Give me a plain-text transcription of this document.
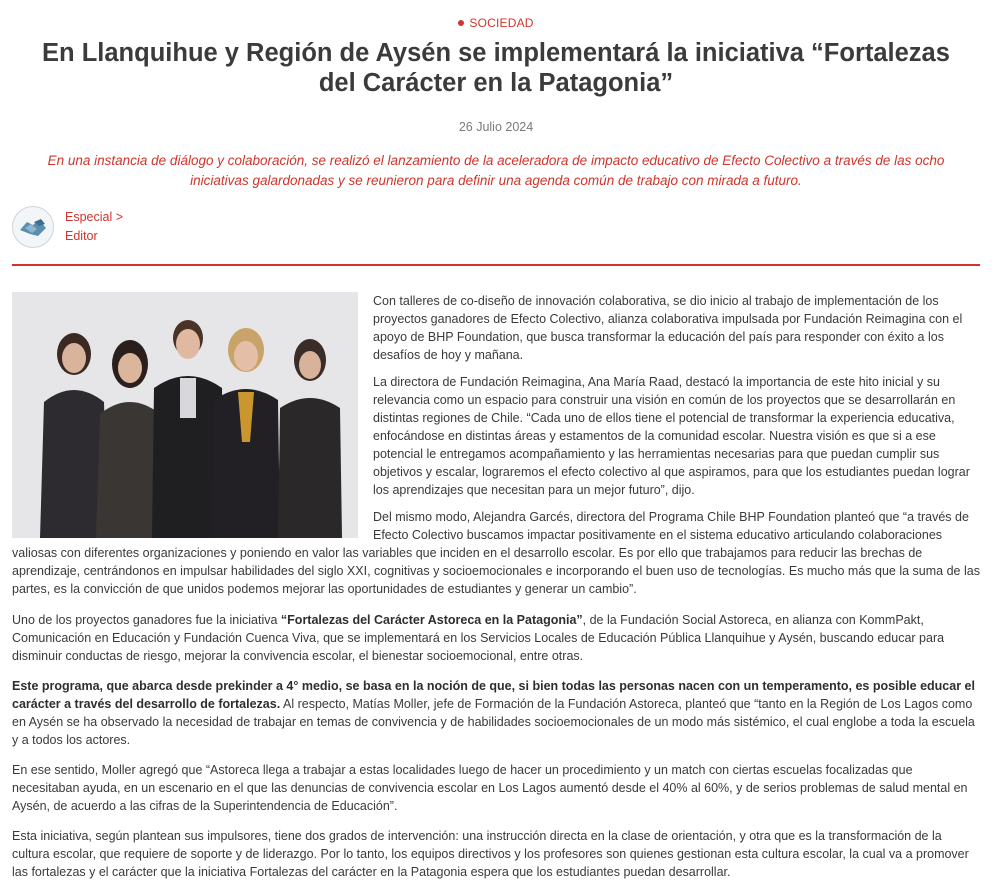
SOCIEDAD
En Llanquihue y Región de Aysén se implementará la iniciativa “Fortalezas del Carácter en la Patagonia”
26 Julio 2024
En una instancia de diálogo y colaboración, se realizó el lanzamiento de la aceleradora de impacto educativo de Efecto Colectivo a través de las ocho iniciativas galardonadas y se reunieron para definir una agenda común de trabajo con mirada a futuro.
Especial >
Editor

Con talleres de co-diseño de innovación colaborativa, se dio inicio al trabajo de implementación de los proyectos ganadores de Efecto Colectivo, alianza colaborativa impulsada por Fundación Reimagina con el apoyo de BHP Foundation, que busca transformar la educación del país para responder con éxito a los desafíos de hoy y mañana.

La directora de Fundación Reimagina, Ana María Raad, destacó la importancia de este hito inicial y su relevancia como un espacio para construir una visión en común de los proyectos que se desarrollarán en distintas regiones de Chile. “Cada uno de ellos tiene el potencial de transformar la experiencia educativa, enfocándose en distintas áreas y estamentos de la comunidad escolar. Nuestra visión es que si a ese potencial le entregamos acompañamiento y las herramientas necesarias para que puedan cumplir sus objetivos y escalar, lograremos el efecto colectivo al que aspiramos, para que los estudiantes puedan lograr los aprendizajes que necesitan para un mejor futuro”, dijo.

Del mismo modo, Alejandra Garcés, directora del Programa Chile BHP Foundation planteó que “a través de Efecto Colectivo buscamos impactar positivamente en el sistema educativo articulando colaboraciones valiosas con diferentes organizaciones y poniendo en valor las variables que inciden en el desarrollo escolar. Es por ello que trabajamos para reducir las brechas de aprendizaje, centrándonos en impulsar habilidades del siglo XXI, cognitivas y socioemocionales e incorporando el buen uso de tecnologías. Es mucho más que la suma de las partes, es la convicción de que unidos podemos mejorar las oportunidades de estudiantes y generar un cambio”.

Uno de los proyectos ganadores fue la iniciativa “Fortalezas del Carácter Astoreca en la Patagonia”, de la Fundación Social Astoreca, en alianza con KommPakt, Comunicación en Educación y Fundación Cuenca Viva, que se implementará en los Servicios Locales de Educación Pública Llanquihue y Aysén, buscando educar para disminuir conductas de riesgo, mejorar la convivencia escolar, el bienestar socioemocional, entre otras.

Este programa, que abarca desde prekinder a 4° medio, se basa en la noción de que, si bien todas las personas nacen con un temperamento, es posible educar el carácter a través del desarrollo de fortalezas. Al respecto, Matías Moller, jefe de Formación de la Fundación Astoreca, planteó que “tanto en la Región de Los Lagos como en Aysén se ha observado la necesidad de trabajar en temas de convivencia y de habilidades socioemocionales de un modo más sistémico, el cual englobe a toda la escuela y a todos los actores.

En ese sentido, Moller agregó que “Astoreca llega a trabajar a estas localidades luego de hacer un procedimiento y un match con ciertas escuelas focalizadas que necesitaban ayuda, en un escenario en el que las denuncias de convivencia escolar en Los Lagos aumentó desde el 40% al 60%, y de serios problemas de salud mental en Aysén, de acuerdo a las cifras de la Superintendencia de Educación”.

Esta iniciativa, según plantean sus impulsores, tiene dos grados de intervención: una instrucción directa en la clase de orientación, y otra que es la transformación de la cultura escolar, que requiere de soporte y de liderazgo. Por lo tanto, los equipos directivos y los profesores son quienes gestionan esta cultura escolar, la cual va a promover las fortalezas y el carácter que la iniciativa Fortalezas del carácter en la Patagonia espera que los estudiantes puedan desarrollar.
